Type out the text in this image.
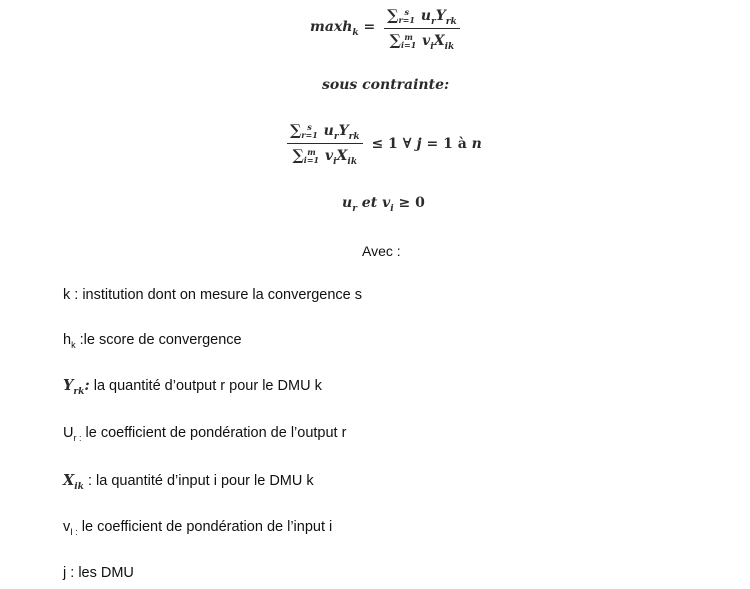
maxh$_k$ = ∑ s
r=1 $u_rY_{rk}$
∑ m
i=1 $v_iX_{ik}$
sous contrainte:
∑ s
r=1 $u_rY_{rk}$
∑ m
i=1 $v_iX_{ik} \le 1$ ∀ j = 1 à n
$u_r$ et $v_i \ge 0$
Avec :
k : institution dont on mesure la convergence s
$h_k$ :le score de convergence
$Y_{rk}$: la quantité d’output r pour le DMU k
$U_{r :}$ le coefficient de pondération de l’output r
$X_{ik}$ : la quantité d’input i pour le DMU k
$v_{I :}$ le coefficient de pondération de l’input i
j : les DMU
